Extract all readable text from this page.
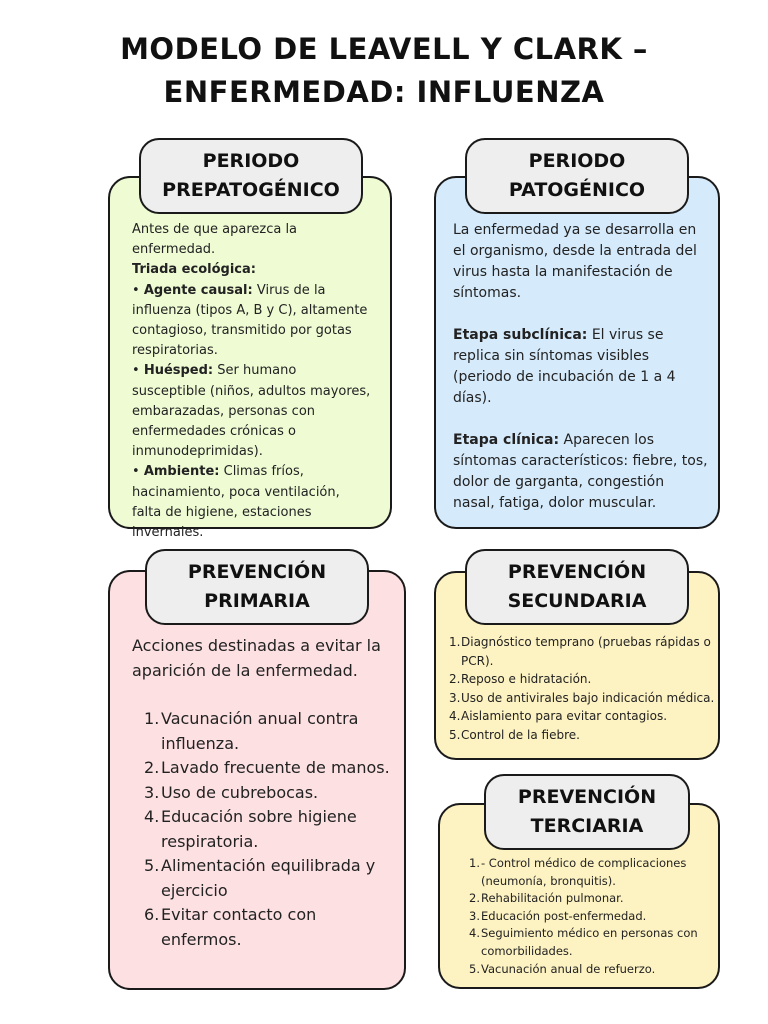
MODELO DE LEAVELL Y CLARK –
ENFERMEDAD: INFLUENZA
PERIODO
PREPATOGÉNICO

Antes de que aparezca la enfermedad.

Triada ecológica:

• Agente causal: Virus de la influenza (tipos A, B y C), altamente contagioso, transmitido por gotas respiratorias.

• Huésped: Ser humano susceptible (niños, adultos mayores, embarazadas, personas con enfermedades crónicas o inmunodeprimidas).

• Ambiente: Climas fríos, hacinamiento, poca ventilación, falta de higiene, estaciones invernales.

PERIODO
PATOGÉNICO

La enfermedad ya se desarrolla en el organismo, desde la entrada del virus hasta la manifestación de síntomas.

Etapa subclínica: El virus se replica sin síntomas visibles (periodo de incubación de 1 a 4 días).

Etapa clínica: Aparecen los síntomas característicos: fiebre, tos, dolor de garganta, congestión nasal, fatiga, dolor muscular.

PREVENCIÓN
PRIMARIA

Acciones destinadas a evitar la aparición de la enfermedad.

Vacunación anual contra influenza.
Lavado frecuente de manos.
Uso de cubrebocas.
Educación sobre higiene respiratoria.
Alimentación equilibrada y ejercicio
Evitar contacto con enfermos.
PREVENCIÓN
SECUNDARIA
Diagnóstico temprano (pruebas rápidas o PCR).
Reposo e hidratación.
Uso de antivirales bajo indicación médica.
Aislamiento para evitar contagios.
Control de la fiebre.
PREVENCIÓN
TERCIARIA
- Control médico de complicaciones (neumonía, bronquitis).
Rehabilitación pulmonar.
Educación post-enfermedad.
Seguimiento médico en personas con comorbilidades.
Vacunación anual de refuerzo.
